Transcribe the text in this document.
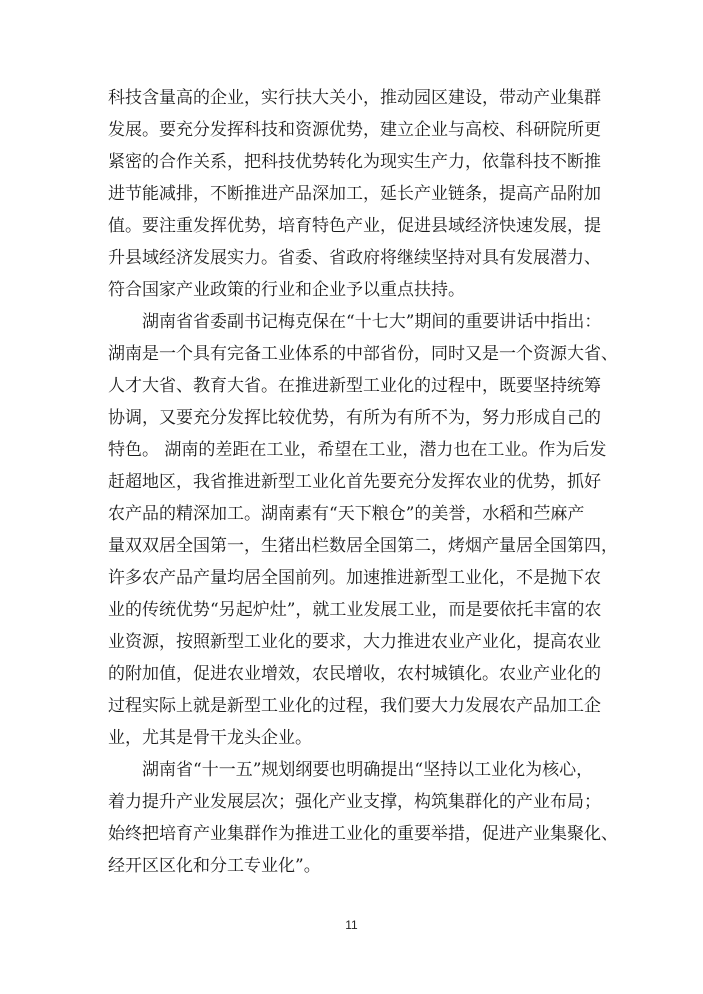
科技含量高的企业，实行扶大关小，推动园区建设，带动产业集群
发展。要充分发挥科技和资源优势，建立企业与高校、科研院所更
紧密的合作关系，把科技优势转化为现实生产力，依靠科技不断推
进节能减排，不断推进产品深加工，延长产业链条，提高产品附加
值。要注重发挥优势，培育特色产业，促进县域经济快速发展，提
升县域经济发展实力。省委、省政府将继续坚持对具有发展潜力、
符合国家产业政策的行业和企业予以重点扶持。
湖南省省委副书记梅克保在“十七大”期间的重要讲话中指出：
湖南是一个具有完备工业体系的中部省份，同时又是一个资源大省、
人才大省、教育大省。在推进新型工业化的过程中，既要坚持统筹
协调，又要充分发挥比较优势，有所为有所不为，努力形成自己的
特色。 湖南的差距在工业，希望在工业，潜力也在工业。作为后发
赶超地区，我省推进新型工业化首先要充分发挥农业的优势，抓好
农产品的精深加工。湖南素有“天下粮仓”的美誉，水稻和苎麻产
量双双居全国第一，生猪出栏数居全国第二，烤烟产量居全国第四，
许多农产品产量均居全国前列。加速推进新型工业化，不是抛下农
业的传统优势“另起炉灶”，就工业发展工业，而是要依托丰富的农
业资源，按照新型工业化的要求，大力推进农业产业化，提高农业
的附加值，促进农业增效，农民增收，农村城镇化。农业产业化的
过程实际上就是新型工业化的过程，我们要大力发展农产品加工企
业，尤其是骨干龙头企业。
湖南省“十一五”规划纲要也明确提出“坚持以工业化为核心，
着力提升产业发展层次；强化产业支撑，构筑集群化的产业布局；
始终把培育产业集群作为推进工业化的重要举措，促进产业集聚化、
经开区区化和分工专业化”。
11
